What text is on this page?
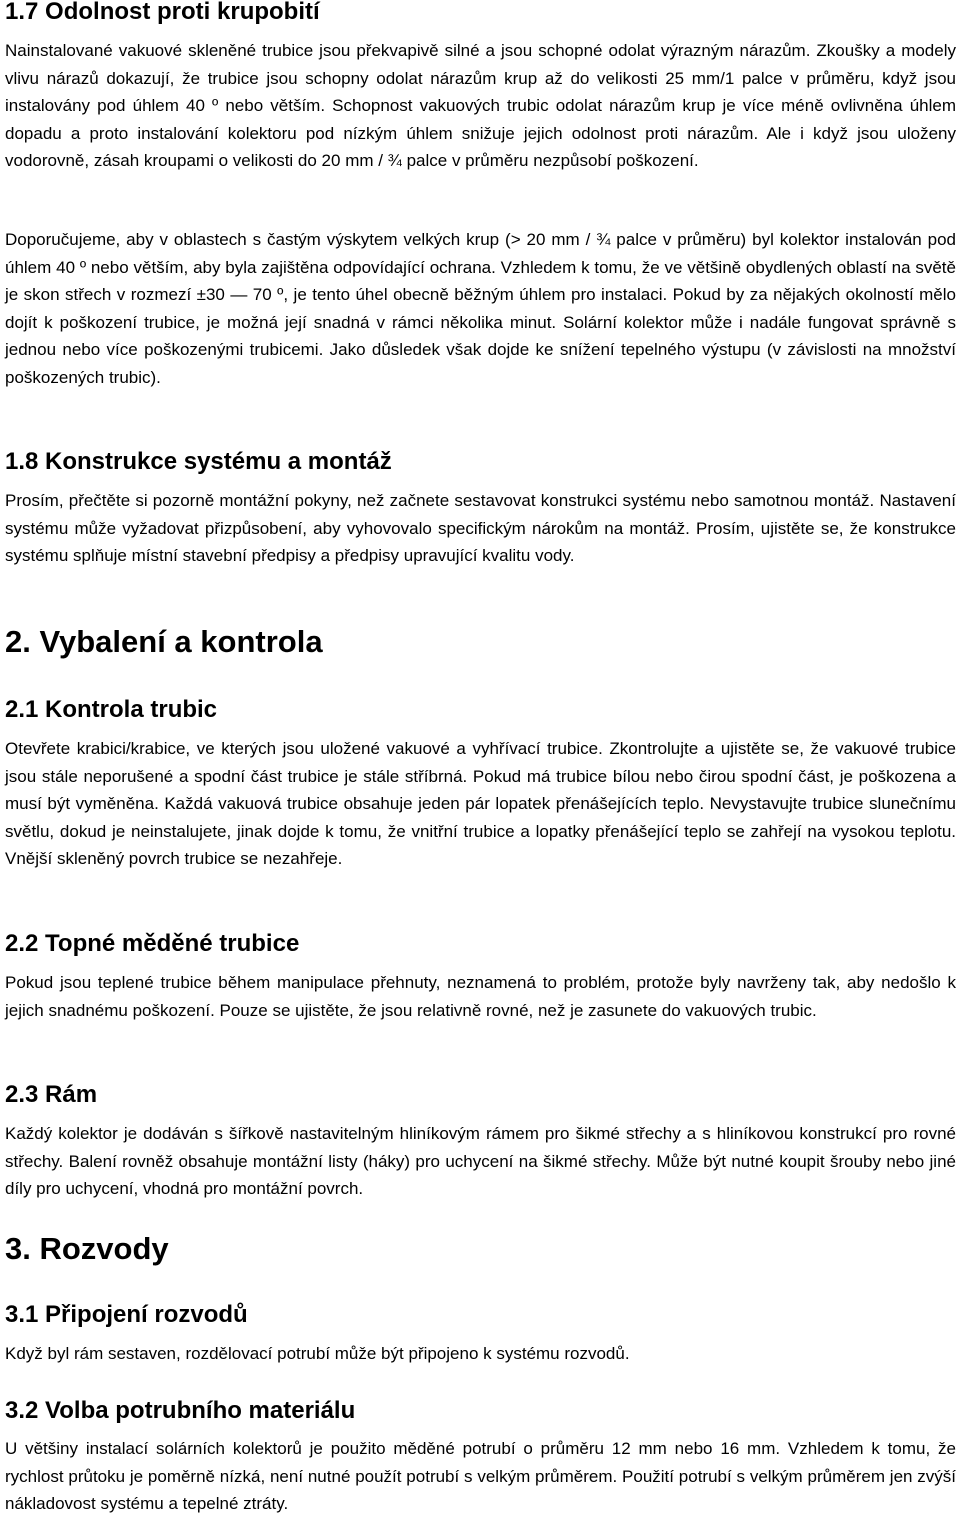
1.7 Odolnost proti krupobití

Nainstalované vakuové skleněné trubice jsou překvapivě silné a jsou schopné odolat výrazným nárazům. Zkoušky a modely vlivu nárazů dokazují, že trubice jsou schopny odolat nárazům krup až do velikosti 25 mm/1 palce v průměru, když jsou instalovány pod úhlem 40 º nebo větším. Schopnost vakuových trubic odolat nárazům krup je více méně ovlivněna úhlem dopadu a proto instalování kolektoru pod nízkým úhlem snižuje jejich odolnost proti nárazům. Ale i když jsou uloženy vodorovně, zásah kroupami o velikosti do 20 mm / ¾ palce v průměru nezpůsobí poškození.

Doporučujeme, aby v oblastech s častým výskytem velkých krup (> 20 mm / ¾ palce v průměru) byl kolektor instalován pod úhlem 40 º nebo větším, aby byla zajištěna odpovídající ochrana. Vzhledem k tomu, že ve většině obydlených oblastí na světě je skon střech v rozmezí ±30 — 70 º, je tento úhel obecně běžným úhlem pro instalaci. Pokud by za nějakých okolností mělo dojít k poškození trubice, je možná její snadná v rámci několika minut. Solární kolektor může i nadále fungovat správně s jednou nebo více poškozenými trubicemi. Jako důsledek však dojde ke snížení tepelného výstupu (v závislosti na množství poškozených trubic).

1.8 Konstrukce systému a montáž

Prosím, přečtěte si pozorně montážní pokyny, než začnete sestavovat konstrukci systému nebo samotnou montáž. Nastavení systému může vyžadovat přizpůsobení, aby vyhovovalo specifickým nárokům na montáž. Prosím, ujistěte se, že konstrukce systému splňuje místní stavební předpisy a předpisy upravující kvalitu vody.

2. Vybalení a kontrola
2.1 Kontrola trubic

Otevřete krabici/krabice, ve kterých jsou uložené vakuové a vyhřívací trubice. Zkontrolujte a ujistěte se, že vakuové trubice jsou stále neporušené a spodní část trubice je stále stříbrná. Pokud má trubice bílou nebo čirou spodní část, je poškozena a musí být vyměněna. Každá vakuová trubice obsahuje jeden pár lopatek přenášejících teplo. Nevystavujte trubice slunečnímu světlu, dokud je neinstalujete, jinak dojde k tomu, že vnitřní trubice a lopatky přenášející teplo se zahřejí na vysokou teplotu. Vnější skleněný povrch trubice se nezahřeje.

2.2 Topné měděné trubice

Pokud jsou teplené trubice během manipulace přehnuty, neznamená to problém, protože byly navrženy tak, aby nedošlo k jejich snadnému poškození. Pouze se ujistěte, že jsou relativně rovné, než je zasunete do vakuových trubic.

2.3 Rám

Každý kolektor je dodáván s šířkově nastavitelným hliníkovým rámem pro šikmé střechy a s hliníkovou konstrukcí pro rovné střechy. Balení rovněž obsahuje montážní listy (háky) pro uchycení na šikmé střechy. Může být nutné koupit šrouby nebo jiné díly pro uchycení, vhodná pro montážní povrch.

3. Rozvody
3.1 Připojení rozvodů

Když byl rám sestaven, rozdělovací potrubí může být připojeno k systému rozvodů.

3.2 Volba potrubního materiálu

U většiny instalací solárních kolektorů je použito měděné potrubí o průměru 12 mm nebo 16 mm. Vzhledem k tomu, že rychlost průtoku je poměrně nízká, není nutné použít potrubí s velkým průměrem. Použití potrubí s velkým průměrem jen zvýší nákladovost systému a tepelné ztráty.
